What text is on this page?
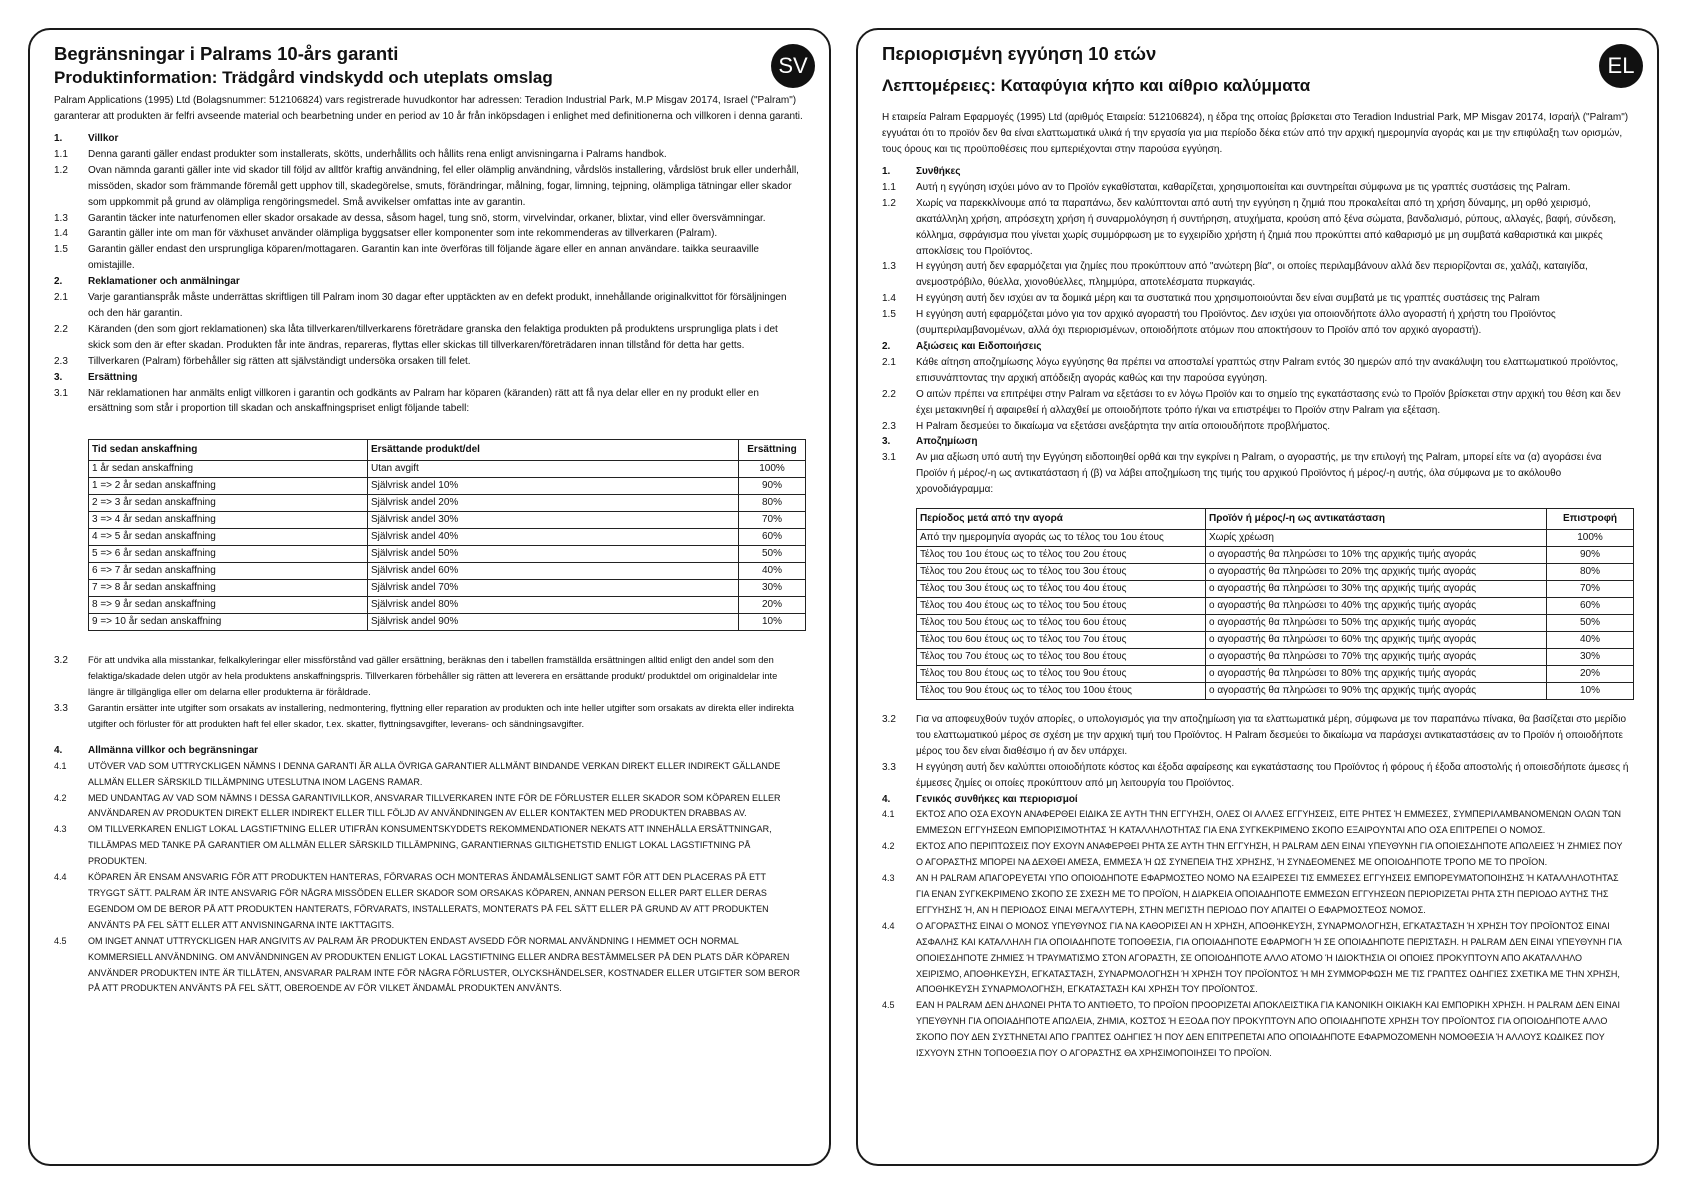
SV
Begränsningar i Palrams 10-års garanti
Produktinformation: Trädgård vindskydd och uteplats omslag

Palram Applications (1995) Ltd (Bolagsnummer: 512106824) vars registrerade huvudkontor har adressen: Teradion Industrial Park, M.P Misgav 20174, Israel ("Palram") garanterar att produkten är felfri avseende material och bearbetning under en period av 10 år från inköpsdagen i enlighet med definitionerna och villkoren i denna garanti.

1.	Villkor
1.1	Denna garanti gäller endast produkter som installerats, skötts, underhållits och hållits rena enligt anvisningarna i Palrams handbok.
1.2	Ovan nämnda garanti gäller inte vid skador till följd av alltför kraftig användning, fel eller olämplig användning, vårdslös installering, vårdslöst bruk eller underhåll, missöden, skador som främmande föremål gett upphov till, skadegörelse, smuts, förändringar, målning, fogar, limning, tejpning, olämpliga tätningar eller skador som uppkommit på grund av olämpliga rengöringsmedel. Små avvikelser omfattas inte av garantin.
1.3	Garantin täcker inte naturfenomen eller skador orsakade av dessa, såsom hagel, tung snö, storm, virvelvindar, orkaner, blixtar, vind eller översvämningar.
1.4	Garantin gäller inte om man för växhuset använder olämpliga byggsatser eller komponenter som inte rekommenderas av tillverkaren (Palram).
1.5	Garantin gäller endast den ursprungliga köparen/mottagaren. Garantin kan inte överföras till följande ägare eller en annan användare. taikka seuraaville omistajille.
2.	Reklamationer och anmälningar
2.1	Varje garantianspråk måste underrättas skriftligen till Palram inom 30 dagar efter upptäckten av en defekt produkt, innehållande originalkvittot för försäljningen och den här garantin.
2.2	Käranden (den som gjort reklamationen) ska låta tillverkaren/tillverkarens företrädare granska den felaktiga produkten på produktens ursprungliga plats i det skick som den är efter skadan. Produkten får inte ändras, repareras, flyttas eller skickas till tillverkaren/företrädaren innan tillstånd för detta har getts.
2.3	Tillverkaren (Palram) förbehåller sig rätten att självständigt undersöka orsaken till felet.
3.	Ersättning
3.1	När reklamationen har anmälts enligt villkoren i garantin och godkänts av Palram har köparen (käranden) rätt att få nya delar eller en ny produkt eller en ersättning som står i proportion till skadan och anskaffningspriset enligt följande tabell:
Tid sedan anskaffning	Ersättande produkt/del	Ersättning
1 år sedan anskaffning	Utan avgift	100%
1 => 2 år sedan anskaffning	Självrisk andel 10%	90%
2 => 3 år sedan anskaffning	Självrisk andel 20%	80%
3 => 4 år sedan anskaffning	Självrisk andel 30%	70%
4 => 5 år sedan anskaffning	Självrisk andel 40%	60%
5 => 6 år sedan anskaffning	Självrisk andel 50%	50%
6 => 7 år sedan anskaffning	Självrisk andel 60%	40%
7 => 8 år sedan anskaffning	Självrisk andel 70%	30%
8 => 9 år sedan anskaffning	Självrisk andel 80%	20%
9 => 10 år sedan anskaffning	Självrisk andel 90%	10%
3.2	För att undvika alla misstankar, felkalkyleringar eller missförstånd vad gäller ersättning, beräknas den i tabellen framställda ersättningen alltid enligt den andel som den felaktiga/skadade delen utgör av hela produktens anskaffningspris. Tillverkaren förbehåller sig rätten att leverera en ersättande produkt/ produktdel om originaldelar inte längre är tillgängliga eller om delarna eller produkterna är föråldrade.
3.3	Garantin ersätter inte utgifter som orsakats av installering, nedmontering, flyttning eller reparation av produkten och inte heller utgifter som orsakats av direkta eller indirekta utgifter och förluster för att produkten haft fel eller skador, t.ex. skatter, flyttningsavgifter, leverans- och sändningsavgifter.
4.	Allmänna villkor och begränsningar
4.1	UTÖVER VAD SOM UTTRYCKLIGEN NÄMNS I DENNA GARANTI ÄR ALLA ÖVRIGA GARANTIER ALLMÄNT BINDANDE VERKAN DIREKT ELLER INDIREKT GÄLLANDE ALLMÄN ELLER SÄRSKILD TILLÄMPNING UTESLUTNA INOM LAGENS RAMAR.
4.2	MED UNDANTAG AV VAD SOM NÄMNS I DESSA GARANTIVILLKOR, ANSVARAR TILLVERKAREN INTE FÖR DE FÖRLUSTER ELLER SKADOR SOM KÖPAREN ELLER ANVÄNDAREN AV PRODUKTEN DIREKT ELLER INDIREKT ELLER TILL FÖLJD AV ANVÄNDNINGEN AV ELLER KONTAKTEN MED PRODUKTEN DRABBAS AV.
4.3	OM TILLVERKAREN ENLIGT LOKAL LAGSTIFTNING ELLER UTIFRÅN KONSUMENTSKYDDETS REKOMMENDATIONER NEKATS ATT INNEHÅLLA ERSÄTTNINGAR, TILLÄMPAS MED TANKE PÅ GARANTIER OM ALLMÄN ELLER SÄRSKILD TILLÄMPNING, GARANTIERNAS GILTIGHETSTID ENLIGT LOKAL LAGSTIFTNING PÅ PRODUKTEN.
4.4	KÖPAREN ÄR ENSAM ANSVARIG FÖR ATT PRODUKTEN HANTERAS, FÖRVARAS OCH MONTERAS ÄNDAMÅLSENLIGT SAMT FÖR ATT DEN PLACERAS PÅ ETT TRYGGT SÄTT. PALRAM ÄR INTE ANSVARIG FÖR NÅGRA MISSÖDEN ELLER SKADOR SOM ORSAKAS KÖPAREN, ANNAN PERSON ELLER PART ELLER DERAS EGENDOM OM DE BEROR PÅ ATT PRODUKTEN HANTERATS, FÖRVARATS, INSTALLERATS, MONTERATS PÅ FEL SÄTT ELLER PÅ GRUND AV ATT PRODUKTEN ANVÄNTS PÅ FEL SÄTT ELLER ATT ANVISNINGARNA INTE IAKTTAGITS.
4.5	OM INGET ANNAT UTTRYCKLIGEN HAR ANGIVITS AV PALRAM ÄR PRODUKTEN ENDAST AVSEDD FÖR NORMAL ANVÄNDNING I HEMMET OCH NORMAL KOMMERSIELL ANVÄNDNING. OM ANVÄNDNINGEN AV PRODUKTEN ENLIGT LOKAL LAGSTIFTNING ELLER ANDRA BESTÄMMELSER PÅ DEN PLATS DÄR KÖPAREN ANVÄNDER PRODUKTEN INTE ÄR TILLÅTEN, ANSVARAR PALRAM INTE FÖR NÅGRA FÖRLUSTER, OLYCKSHÄNDELSER, KOSTNADER ELLER UTGIFTER SOM BEROR PÅ ATT PRODUKTEN ANVÄNTS PÅ FEL SÄTT, OBEROENDE AV FÖR VILKET ÄNDAMÅL PRODUKTEN ANVÄNTS.
EL
Περιορισμένη εγγύηση 10 ετών
Λεπτομέρειες: Καταφύγια κήπο και αίθριο καλύμματα

Η εταιρεία Palram Εφαρμογές (1995) Ltd (αριθμός Εταιρεία: 512106824), η έδρα της οποίας βρίσκεται στο Teradion Industrial Park, MP Misgav 20174, Ισραήλ ("Palram") εγγυάται ότι το προϊόν δεν θα είναι ελαττωματικά υλικά ή την εργασία για μια περίοδο δέκα ετών από την αρχική ημερομηνία αγοράς και με την επιφύλαξη των ορισμών, τους όρους και τις προϋποθέσεις που εμπεριέχονται στην παρούσα εγγύηση.

1.	Συνθήκες
1.1	Αυτή η εγγύηση ισχύει μόνο αν το Προϊόν εγκαθίσταται, καθαρίζεται, χρησιμοποιείται και συντηρείται σύμφωνα με τις γραπτές συστάσεις της Palram.
1.2	Χωρίς να παρεκκλίνουμε από τα παραπάνω, δεν καλύπτονται από αυτή την εγγύηση η ζημιά που προκαλείται από τη χρήση δύναμης, μη ορθό χειρισμό, ακατάλληλη χρήση, απρόσεχτη χρήση ή συναρμολόγηση ή συντήρηση, ατυχήματα, κρούση από ξένα σώματα, βανδαλισμό, ρύπους, αλλαγές, βαφή, σύνδεση, κόλλημα, σφράγισμα που γίνεται χωρίς συμμόρφωση με το εγχειρίδιο χρήστη ή ζημιά που προκύπτει από καθαρισμό με μη συμβατά καθαριστικά και μικρές αποκλίσεις του Προϊόντος.
1.3	Η εγγύηση αυτή δεν εφαρμόζεται για ζημίες που προκύπτουν από "ανώτερη βία", οι οποίες περιλαμβάνουν αλλά δεν περιορίζονται σε, χαλάζι, καταιγίδα, ανεμοστρόβιλο, θύελλα, χιονοθύελλες, πλημμύρα, αποτελέσματα πυρκαγιάς.
1.4	Η εγγύηση αυτή δεν ισχύει αν τα δομικά μέρη και τα συστατικά που χρησιμοποιούνται δεν είναι συμβατά με τις γραπτές συστάσεις της Palram
1.5	Η εγγύηση αυτή εφαρμόζεται μόνο για τον αρχικό αγοραστή του Προϊόντος. Δεν ισχύει για οποιονδήποτε άλλο αγοραστή ή χρήστη του Προϊόντος (συμπεριλαμβανομένων, αλλά όχι περιορισμένων, οποιοδήποτε ατόμων που αποκτήσουν το Προϊόν από τον αρχικό αγοραστή).
2.	Αξιώσεις και Ειδοποιήσεις
2.1	Κάθε αίτηση αποζημίωσης λόγω εγγύησης θα πρέπει να αποσταλεί γραπτώς στην Palram εντός 30 ημερών από την ανακάλυψη του ελαττωματικού προϊόντος, επισυνάπτοντας την αρχική απόδειξη αγοράς καθώς και την παρούσα εγγύηση.
2.2	Ο αιτών πρέπει να επιτρέψει στην Palram να εξετάσει το εν λόγω Προϊόν και το σημείο της εγκατάστασης ενώ το Προϊόν βρίσκεται στην αρχική του θέση και δεν έχει μετακινηθεί ή αφαιρεθεί ή αλλαχθεί με οποιοδήποτε τρόπο ή/και να επιστρέψει το Προϊόν στην Palram για εξέταση.
2.3	Η Palram δεσμεύει το δικαίωμα να εξετάσει ανεξάρτητα την αιτία οποιουδήποτε προβλήματος.
3.	Αποζημίωση
3.1	Αν μια αξίωση υπό αυτή την Εγγύηση ειδοποιηθεί ορθά και την εγκρίνει η Palram, ο αγοραστής, με την επιλογή της Palram, μπορεί είτε να (α) αγοράσει ένα Προϊόν ή μέρος/-η ως αντικατάσταση ή (β) να λάβει αποζημίωση της τιμής του αρχικού Προϊόντος ή μέρος/-η αυτής, όλα σύμφωνα με το ακόλουθο χρονοδιάγραμμα:
Περίοδος μετά από την αγορά	Προϊόν ή μέρος/-η ως αντικατάσταση	Επιστροφή
Από την ημερομηνία αγοράς ως το τέλος του 1ου έτους	Χωρίς χρέωση	100%
Τέλος του 1ου έτους ως το τέλος του 2ου έτους	ο αγοραστής θα πληρώσει το 10% της αρχικής τιμής αγοράς	90%
Τέλος του 2ου έτους ως το τέλος του 3ου έτους	ο αγοραστής θα πληρώσει το 20% της αρχικής τιμής αγοράς	80%
Τέλος του 3ου έτους ως το τέλος του 4ου έτους	ο αγοραστής θα πληρώσει το 30% της αρχικής τιμής αγοράς	70%
Τέλος του 4ου έτους ως το τέλος του 5ου έτους	ο αγοραστής θα πληρώσει το 40% της αρχικής τιμής αγοράς	60%
Τέλος του 5ου έτους ως το τέλος του 6ου έτους	ο αγοραστής θα πληρώσει το 50% της αρχικής τιμής αγοράς	50%
Τέλος του 6ου έτους ως το τέλος του 7ου έτους	ο αγοραστής θα πληρώσει το 60% της αρχικής τιμής αγοράς	40%
Τέλος του 7ου έτους ως το τέλος του 8ου έτους	ο αγοραστής θα πληρώσει το 70% της αρχικής τιμής αγοράς	30%
Τέλος του 8ου έτους ως το τέλος του 9ου έτους	ο αγοραστής θα πληρώσει το 80% της αρχικής τιμής αγοράς	20%
Τέλος του 9ου έτους ως το τέλος του 10ου έτους	ο αγοραστής θα πληρώσει το 90% της αρχικής τιμής αγοράς	10%
3.2	Για να αποφευχθούν τυχόν απορίες, ο υπολογισμός για την αποζημίωση για τα ελαττωματικά μέρη, σύμφωνα με τον παραπάνω πίνακα, θα βασίζεται στο μερίδιο του ελαττωματικού μέρος σε σχέση με την αρχική τιμή του Προϊόντος. Η Palram δεσμεύει το δικαίωμα να παράσχει αντικαταστάσεις αν το Προϊόν ή οποιοδήποτε μέρος του δεν είναι διαθέσιμο ή αν δεν υπάρχει.
3.3	Η εγγύηση αυτή δεν καλύπτει οποιοδήποτε κόστος και έξοδα αφαίρεσης και εγκατάστασης του Προϊόντος ή φόρους ή έξοδα αποστολής ή οποιεσδήποτε άμεσες ή έμμεσες ζημίες οι οποίες προκύπτουν από μη λειτουργία του Προϊόντος.
4.	Γενικός συνθήκες και περιορισμοί
4.1	ΕΚΤΟΣ ΑΠΟ ΟΣΑ ΕΧΟΥΝ ΑΝΑΦΕΡΘΕΙ ΕΙΔΙΚΑ ΣΕ ΑΥΤΗ ΤΗΝ ΕΓΓΥΗΣΗ, ΟΛΕΣ ΟΙ ΑΛΛΕΣ ΕΓΓΥΗΣΕΙΣ, ΕΙΤΕ ΡΗΤΕΣ Ή ΕΜΜΕΣΕΣ, ΣΥΜΠΕΡΙΛΑΜΒΑΝΟΜΕΝΩΝ ΟΛΩΝ ΤΩΝ ΕΜΜΕΣΩΝ ΕΓΓΥΗΣΕΩΝ ΕΜΠΟΡΙΣΙΜΟΤΗΤΑΣ Ή ΚΑΤΑΛΛΗΛΟΤΗΤΑΣ ΓΙΑ ΕΝΑ ΣΥΓΚΕΚΡΙΜΕΝΟ ΣΚΟΠΟ ΕΞΑΙΡΟΥΝΤΑΙ ΑΠΟ ΟΣΑ ΕΠΙΤΡΕΠΕΙ Ο ΝΟΜΟΣ.
4.2	ΕΚΤΟΣ ΑΠΟ ΠΕΡΙΠΤΩΣΕΙΣ ΠΟΥ ΕΧΟΥΝ ΑΝΑΦΕΡΘΕΙ ΡΗΤΑ ΣΕ ΑΥΤΗ ΤΗΝ ΕΓΓΥΗΣΗ, Η PALRAM ΔΕΝ ΕΙΝΑΙ ΥΠΕΥΘΥΝΗ ΓΙΑ ΟΠΟΙΕΣΔΗΠΟΤΕ ΑΠΩΛΕΙΕΣ Ή ΖΗΜΙΕΣ ΠΟΥ Ο ΑΓΟΡΑΣΤΗΣ ΜΠΟΡΕΙ ΝΑ ΔΕΧΘΕΙ ΑΜΕΣΑ, ΕΜΜΕΣΑ Ή ΩΣ ΣΥΝΕΠΕΙΑ ΤΗΣ ΧΡΗΣΗΣ, Ή ΣΥΝΔΕΟΜΕΝΕΣ ΜΕ ΟΠΟΙΟΔΗΠΟΤΕ ΤΡΟΠΟ ΜΕ ΤΟ ΠΡΟΪΟΝ.
4.3	ΑΝ Η PALRAM ΑΠΑΓΟΡΕΥΕΤΑΙ ΥΠΟ ΟΠΟΙΟΔΗΠΟΤΕ ΕΦΑΡΜΟΣΤΕΟ ΝΟΜΟ ΝΑ ΕΞΑΙΡΕΣΕΙ ΤΙΣ ΕΜΜΕΣΕΣ ΕΓΓΥΗΣΕΙΣ ΕΜΠΟΡΕΥΜΑΤΟΠΟΙΗΣΗΣ Ή ΚΑΤΑΛΛΗΛΟΤΗΤΑΣ ΓΙΑ ΕΝΑΝ ΣΥΓΚΕΚΡΙΜΕΝΟ ΣΚΟΠΟ ΣΕ ΣΧΕΣΗ ΜΕ ΤΟ ΠΡΟΪΟΝ, Η ΔΙΑΡΚΕΙΑ ΟΠΟΙΑΔΗΠΟΤΕ ΕΜΜΕΣΩΝ ΕΓΓΥΗΣΕΩΝ ΠΕΡΙΟΡΙΖΕΤΑΙ ΡΗΤΑ ΣΤΗ ΠΕΡΙΟΔΟ ΑΥΤΗΣ ΤΗΣ ΕΓΓΥΗΣΗΣ Ή, ΑΝ Η ΠΕΡΙΟΔΟΣ ΕΙΝΑΙ ΜΕΓΑΛΥΤΕΡΗ, ΣΤΗΝ ΜΕΓΙΣΤΗ ΠΕΡΙΟΔΟ ΠΟΥ ΑΠΑΙΤΕΙ Ο ΕΦΑΡΜΟΣΤΕΟΣ ΝΟΜΟΣ.
4.4	Ο ΑΓΟΡΑΣΤΗΣ ΕΙΝΑΙ Ο ΜΟΝΟΣ ΥΠΕΥΘΥΝΟΣ ΓΙΑ ΝΑ ΚΑΘΟΡΙΣΕΙ ΑΝ Η ΧΡΗΣΗ, ΑΠΟΘΗΚΕΥΣΗ, ΣΥΝΑΡΜΟΛΟΓΗΣΗ, ΕΓΚΑΤΑΣΤΑΣΗ Ή ΧΡΗΣΗ ΤΟΥ ΠΡΟΪΟΝΤΟΣ ΕΙΝΑΙ ΑΣΦΑΛΗΣ ΚΑΙ ΚΑΤΑΛΛΗΛΗ ΓΙΑ ΟΠΟΙΑΔΗΠΟΤΕ ΤΟΠΟΘΕΣΙΑ, ΓΙΑ ΟΠΟΙΑΔΗΠΟΤΕ ΕΦΑΡΜΟΓΗ Ή ΣΕ ΟΠΟΙΑΔΗΠΟΤΕ ΠΕΡΙΣΤΑΣΗ. Η PALRAM ΔΕΝ ΕΙΝΑΙ ΥΠΕΥΘΥΝΗ ΓΙΑ ΟΠΟΙΕΣΔΗΠΟΤΕ ΖΗΜΙΕΣ Ή ΤΡΑΥΜΑΤΙΣΜΟ ΣΤΟΝ ΑΓΟΡΑΣΤΗ, ΣΕ ΟΠΟΙΟΔΗΠΟΤΕ ΑΛΛΟ ΑΤΟΜΟ Ή ΙΔΙΟΚΤΗΣΙΑ ΟΙ ΟΠΟΙΕΣ ΠΡΟΚΥΠΤΟΥΝ ΑΠΟ ΑΚΑΤΑΛΛΗΛΟ ΧΕΙΡΙΣΜΟ, ΑΠΟΘΗΚΕΥΣΗ, ΕΓΚΑΤΑΣΤΑΣΗ, ΣΥΝΑΡΜΟΛΟΓΗΣΗ Ή ΧΡΗΣΗ ΤΟΥ ΠΡΟΪΟΝΤΟΣ Ή ΜΗ ΣΥΜΜΟΡΦΩΣΗ ΜΕ ΤΙΣ ΓΡΑΠΤΕΣ ΟΔΗΓΙΕΣ ΣΧΕΤΙΚΑ ΜΕ ΤΗΝ ΧΡΗΣΗ, ΑΠΟΘΗΚΕΥΣΗ ΣΥΝΑΡΜΟΛΟΓΗΣΗ, ΕΓΚΑΤΑΣΤΑΣΗ ΚΑΙ ΧΡΗΣΗ ΤΟΥ ΠΡΟΪΟΝΤΟΣ.
4.5	ΕΑΝ Η PALRAM ΔΕΝ ΔΗΛΩΝΕΙ ΡΗΤΑ ΤΟ ΑΝΤΙΘΕΤΟ, ΤΟ ΠΡΟΪΟΝ ΠΡΟΟΡΙΖΕΤΑΙ ΑΠΟΚΛΕΙΣΤΙΚΑ ΓΙΑ ΚΑΝΟΝΙΚΗ ΟΙΚΙΑΚΗ ΚΑΙ ΕΜΠΟΡΙΚΗ ΧΡΗΣΗ. Η PALRAM ΔΕΝ ΕΙΝΑΙ ΥΠΕΥΘΥΝΗ ΓΙΑ ΟΠΟΙΑΔΗΠΟΤΕ ΑΠΩΛΕΙΑ, ΖΗΜΙΑ, ΚΟΣΤΟΣ Ή ΕΞΟΔΑ ΠΟΥ ΠΡΟΚΥΠΤΟΥΝ ΑΠΟ ΟΠΟΙΑΔΗΠΟΤΕ ΧΡΗΣΗ ΤΟΥ ΠΡΟΪΟΝΤΟΣ ΓΙΑ ΟΠΟΙΟΔΗΠΟΤΕ ΑΛΛΟ ΣΚΟΠΟ ΠΟΥ ΔΕΝ ΣΥΣΤΗΝΕΤΑΙ ΑΠΟ ΓΡΑΠΤΕΣ ΟΔΗΓΙΕΣ Ή ΠΟΥ ΔΕΝ ΕΠΙΤΡΕΠΕΤΑΙ ΑΠΟ ΟΠΟΙΑΔΗΠΟΤΕ ΕΦΑΡΜΟΖΟΜΕΝΗ ΝΟΜΟΘΕΣΙΑ Ή ΑΛΛΟΥΣ ΚΩΔΙΚΕΣ ΠΟΥ ΙΣΧΥΟΥΝ ΣΤΗΝ ΤΟΠΟΘΕΣΙΑ ΠΟΥ Ο ΑΓΟΡΑΣΤΗΣ ΘΑ ΧΡΗΣΙΜΟΠΟΙΗΣΕΙ ΤΟ ΠΡΟΪΟΝ.
